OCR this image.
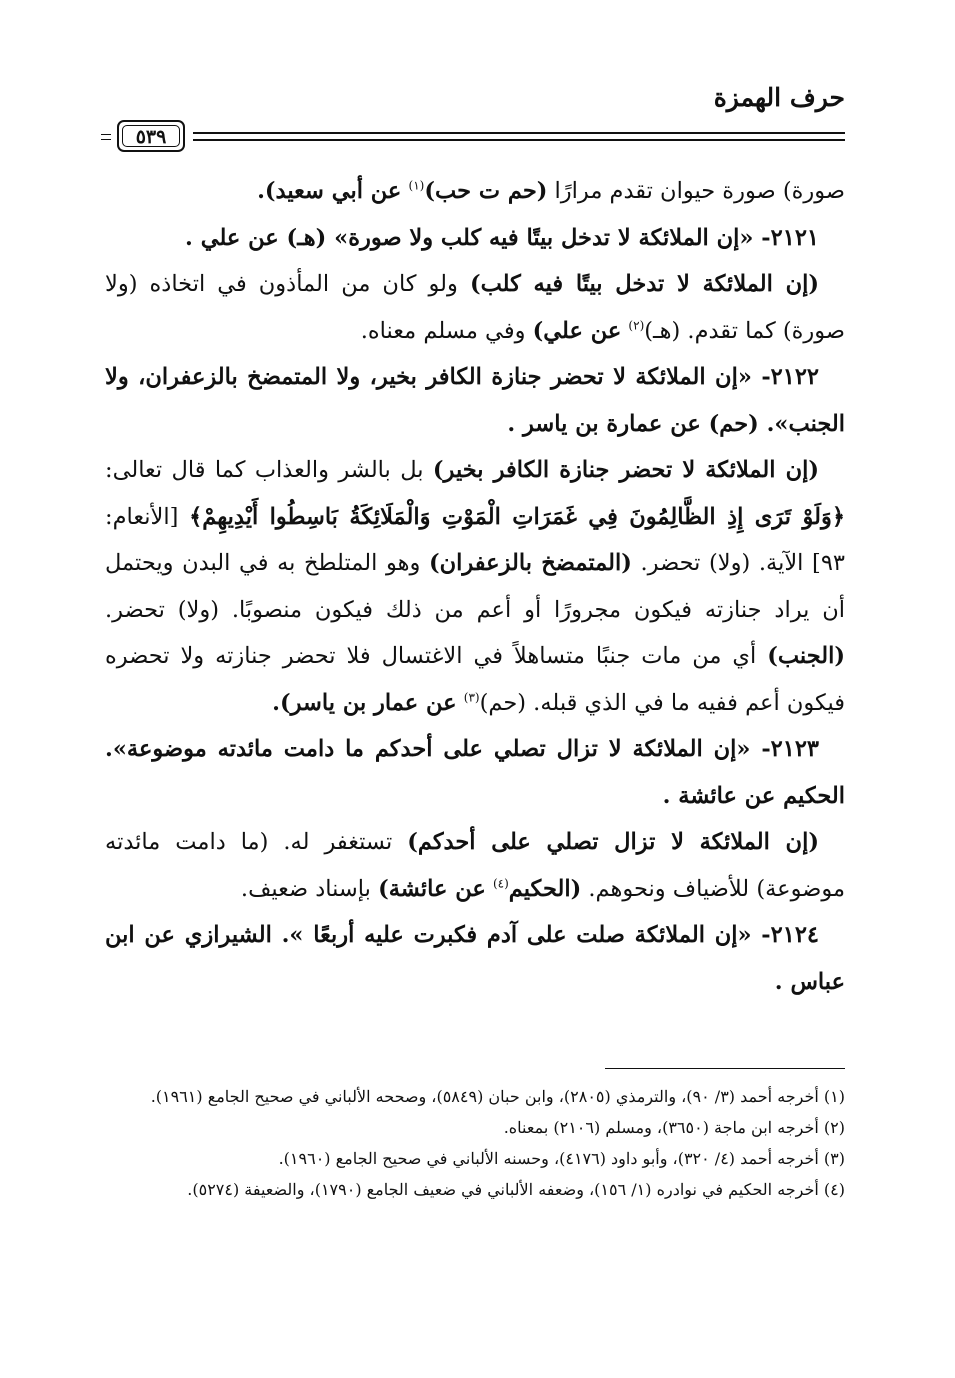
حرف الهمزة
٥٣٩

صورة) صورة حيوان تقدم مرارًا (حم ت حب)$^{(١)}$ عن أبي سعيد).

٢١٢١- «إن الملائكة لا تدخل بيتًا فيه كلب ولا صورة» (هـ) عن علي .

(إن الملائكة لا تدخل بيتًا فيه كلب) ولو كان من المأذون في اتخاذه (ولا صورة) كما تقدم. (هـ)$^{(٢)}$ عن علي) وفي مسلم معناه.

٢١٢٢- «إن الملائكة لا تحضر جنازة الكافر بخير، ولا المتمضخ بالزعفران، ولا الجنب». (حم) عن عمارة بن ياسر .

(إن الملائكة لا تحضر جنازة الكافر بخير) بل بالشر والعذاب كما قال تعالى: ﴿وَلَوْ تَرَى إِذِ الظَّالِمُونَ فِي غَمَرَاتِ الْمَوْتِ وَالْمَلَائِكَةُ بَاسِطُوا أَيْدِيهِمْ﴾ [الأنعام: ٩٣] الآية. (ولا) تحضر. (المتمضخ بالزعفران) وهو المتلطخ به في البدن ويحتمل أن يراد جنازته فيكون مجرورًا أو أعم من ذلك فيكون منصوبًا. (ولا) تحضر. (الجنب) أي من مات جنبًا متساهلاً في الاغتسال فلا تحضر جنازته ولا تحضره فيكون أعم ففيه ما في الذي قبله. (حم)$^{(٣)}$ عن عمار بن ياسر).

٢١٢٣- «إن الملائكة لا تزال تصلي على أحدكم ما دامت مائدته موضوعة». الحكيم عن عائشة .

(إن الملائكة لا تزال تصلي على أحدكم) تستغفر له. (ما دامت مائدته موضوعة) للأضياف ونحوهم. (الحكيم$^{(٤)}$ عن عائشة) بإسناد ضعيف.

٢١٢٤- «إن الملائكة صلت على آدم فكبرت عليه أربعًا ». الشيرازي عن ابن عباس .

(١) أخرجه أحمد (٣/ ٩٠)، والترمذي (٢٨٠٥)، وابن حبان (٥٨٤٩)، وصححه الألباني في صحيح الجامع (١٩٦١).

(٢) أخرجه ابن ماجة (٣٦٥٠)، ومسلم (٢١٠٦) بمعناه.

(٣) أخرجه أحمد (٤/ ٣٢٠)، وأبو داود (٤١٧٦)، وحسنه الألباني في صحيح الجامع (١٩٦٠).

(٤) أخرجه الحكيم في نوادره (١/ ١٥٦)، وضعفه الألباني في ضعيف الجامع (١٧٩٠)، والضعيفة (٥٢٧٤).
